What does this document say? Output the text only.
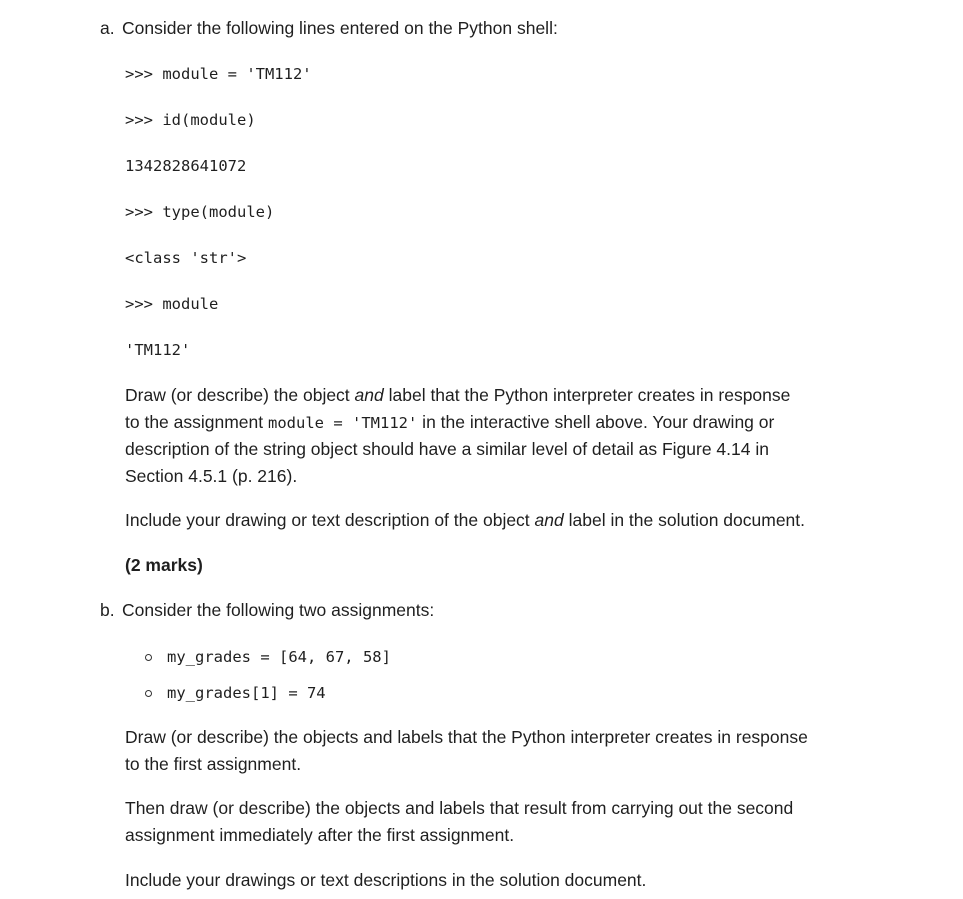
a. Consider the following lines entered on the Python shell:
>>> module = 'TM112'
>>> id(module)
1342828641072
>>> type(module)
<class 'str'>
>>> module
'TM112'
Draw (or describe) the object and label that the Python interpreter creates in response to the assignment module = 'TM112' in the interactive shell above. Your drawing or description of the string object should have a similar level of detail as Figure 4.14 in Section 4.5.1 (p. 216).
Include your drawing or text description of the object and label in the solution document.
(2 marks)
b. Consider the following two assignments:
my_grades = [64, 67, 58]
my_grades[1] = 74
Draw (or describe) the objects and labels that the Python interpreter creates in response to the first assignment.
Then draw (or describe) the objects and labels that result from carrying out the second assignment immediately after the first assignment.
Include your drawings or text descriptions in the solution document.
